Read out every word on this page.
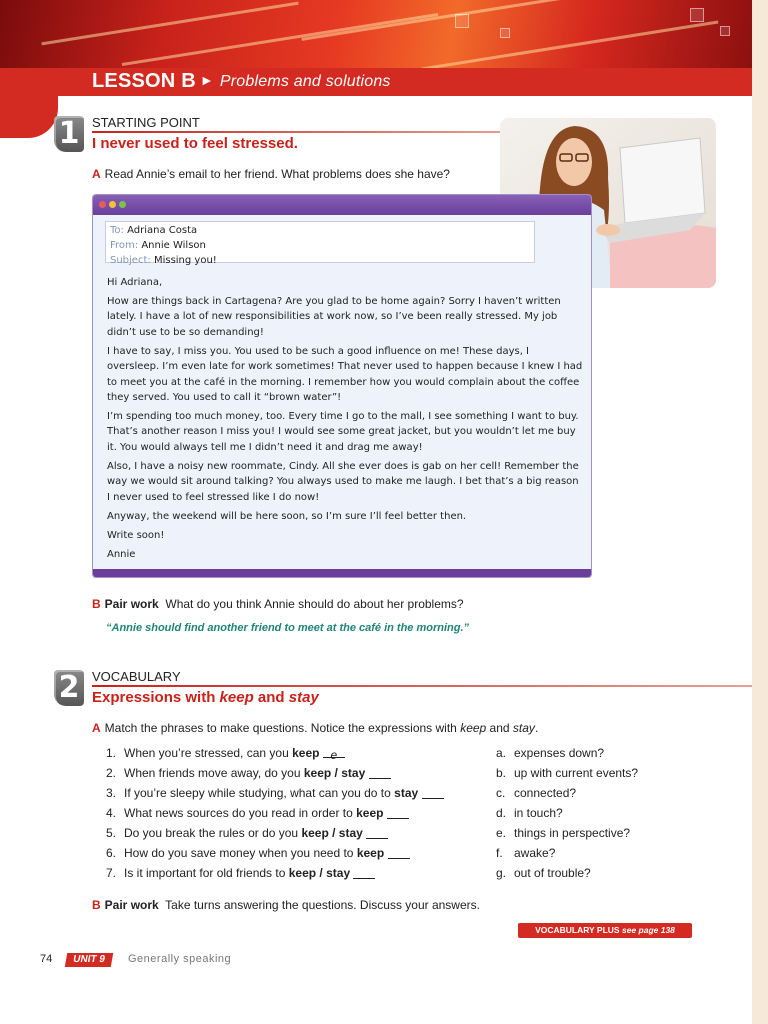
LESSON B ► Problems and solutions
1 STARTING POINT
I never used to feel stressed.
A Read Annie’s email to her friend. What problems does she have?
To: Adriana Costa
From: Annie Wilson
Subject: Missing you!

Hi Adriana,

How are things back in Cartagena? Are you glad to be home again? Sorry I haven’t written lately. I have a lot of new responsibilities at work now, so I’ve been really stressed. My job didn’t use to be so demanding!

I have to say, I miss you. You used to be such a good influence on me! These days, I oversleep. I’m even late for work sometimes! That never used to happen because I knew I had to meet you at the café in the morning. I remember how you would complain about the coffee they served. You used to call it “brown water”!

I’m spending too much money, too. Every time I go to the mall, I see something I want to buy. That’s another reason I miss you! I would see some great jacket, but you wouldn’t let me buy it. You would always tell me I didn’t need it and drag me away!

Also, I have a noisy new roommate, Cindy. All she ever does is gab on her cell! Remember the way we would sit around talking? You always used to make me laugh. I bet that’s a big reason I never used to feel stressed like I do now!

Anyway, the weekend will be here soon, so I’m sure I’ll feel better then.

Write soon!

Annie

B Pair work What do you think Annie should do about her problems?
“Annie should find another friend to meet at the café in the morning.”
2 VOCABULARY
Expressions with keep and stay
A Match the phrases to make questions. Notice the expressions with keep and stay.
1. When you’re stressed, can you keep e
2. When friends move away, do you keep / stay
3. If you’re sleepy while studying, what can you do to stay
4. What news sources do you read in order to keep
5. Do you break the rules or do you keep / stay
6. How do you save money when you need to keep
7. Is it important for old friends to keep / stay
a. expenses down?
b. up with current events?
c. connected?
d. in touch?
e. things in perspective?
f. awake?
g. out of trouble?
B Pair work Take turns answering the questions. Discuss your answers.
VOCABULARY PLUS see page 138
74	UNIT 9	Generally speaking
